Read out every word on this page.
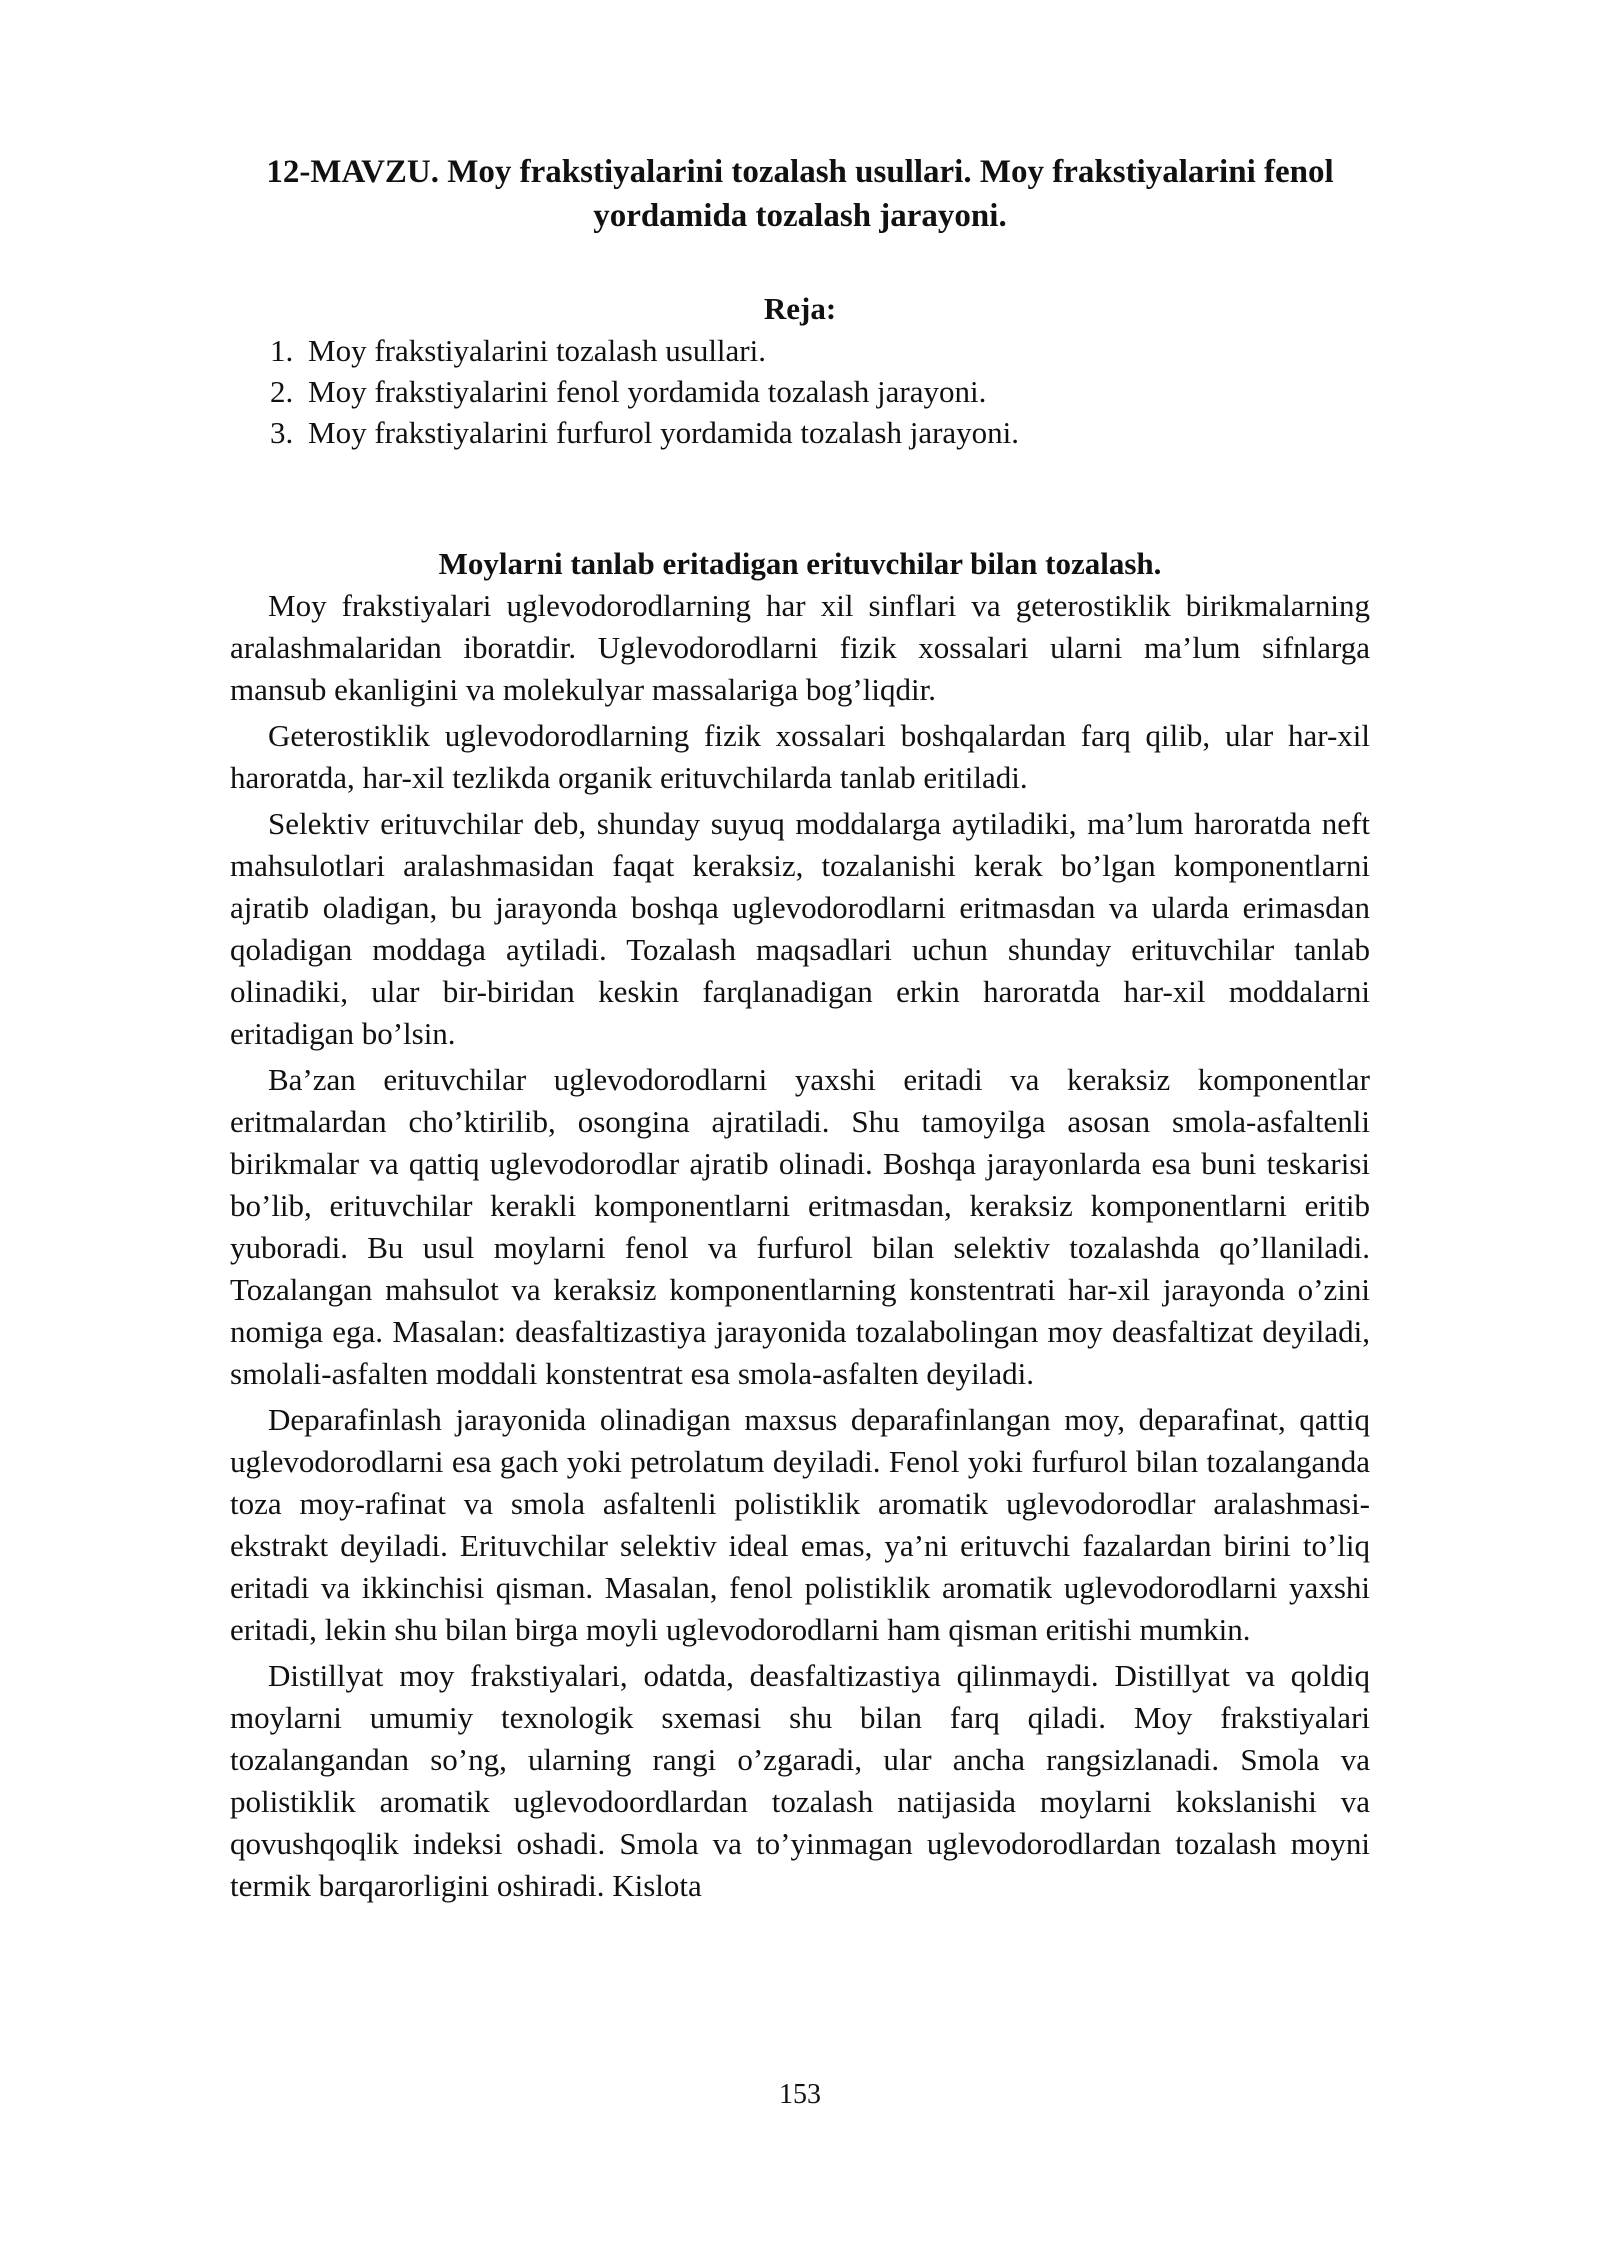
12-MAVZU. Moy frakstiyalarini tozalash usullari. Moy frakstiyalarini fenol yordamida tozalash jarayoni.

Reja:

1. Moy frakstiyalarini tozalash usullari.
2. Moy frakstiyalarini fenol yordamida tozalash jarayoni.
3. Moy frakstiyalarini furfurol yordamida tozalash jarayoni.

Moylarni tanlab eritadigan erituvchilar bilan tozalash.

Moy frakstiyalari uglevodorodlarning har xil sinflari va geterostiklik birikmalarning aralashmalaridan iboratdir. Uglevodorodlarni fizik xossalari ularni ma’lum sifnlarga mansub ekanligini va molekulyar massalariga bog’liqdir.

Geterostiklik uglevodorodlarning fizik xossalari boshqalardan farq qilib, ular har-xil haroratda, har-xil tezlikda organik erituvchilarda tanlab eritiladi.

Selektiv erituvchilar deb, shunday suyuq moddalarga aytiladiki, ma’lum haroratda neft mahsulotlari aralashmasidan faqat keraksiz, tozalanishi kerak bo’lgan komponentlarni ajratib oladigan, bu jarayonda boshqa uglevodorodlarni eritmasdan va ularda erimasdan qoladigan moddaga aytiladi. Tozalash maqsadlari uchun shunday erituvchilar tanlab olinadiki, ular bir-biridan keskin farqlanadigan erkin haroratda har-xil moddalarni eritadigan bo’lsin.

Ba’zan erituvchilar uglevodorodlarni yaxshi eritadi va keraksiz komponentlar eritmalardan cho’ktirilib, osongina ajratiladi. Shu tamoyilga asosan smola-asfaltenli birikmalar va qattiq uglevodorodlar ajratib olinadi. Boshqa jarayonlarda esa buni teskarisi bo’lib, erituvchilar kerakli komponentlarni eritmasdan, keraksiz komponentlarni eritib yuboradi. Bu usul moylarni fenol va furfurol bilan selektiv tozalashda qo’llaniladi. Tozalangan mahsulot va keraksiz komponentlarning konstentrati har-xil jarayonda o’zini nomiga ega. Masalan: deasfaltizastiya jarayonida tozalabolingan moy deasfaltizat deyiladi, smolali-asfalten moddali konstentrat esa smola-asfalten deyiladi.

Deparafinlash jarayonida olinadigan maxsus deparafinlangan moy, deparafinat, qattiq uglevodorodlarni esa gach yoki petrolatum deyiladi. Fenol yoki furfurol bilan tozalanganda toza moy-rafinat va smola asfaltenli polistiklik aromatik uglevodorodlar aralashmasi- ekstrakt deyiladi. Erituvchilar selektiv ideal emas, ya’ni erituvchi fazalardan birini to’liq eritadi va ikkinchisi qisman. Masalan, fenol polistiklik aromatik uglevodorodlarni yaxshi eritadi, lekin shu bilan birga moyli uglevodorodlarni ham qisman eritishi mumkin.

Distillyat moy frakstiyalari, odatda, deasfaltizastiya qilinmaydi. Distillyat va qoldiq moylarni umumiy texnologik sxemasi shu bilan farq qiladi. Moy frakstiyalari tozalangandan so’ng, ularning rangi o’zgaradi, ular ancha rangsizlanadi. Smola va polistiklik aromatik uglevodoordlardan tozalash natijasida moylarni kokslanishi va qovushqoqlik indeksi oshadi. Smola va to’yinmagan uglevodorodlardan tozalash moyni termik barqarorligini oshiradi. Kislota

153
